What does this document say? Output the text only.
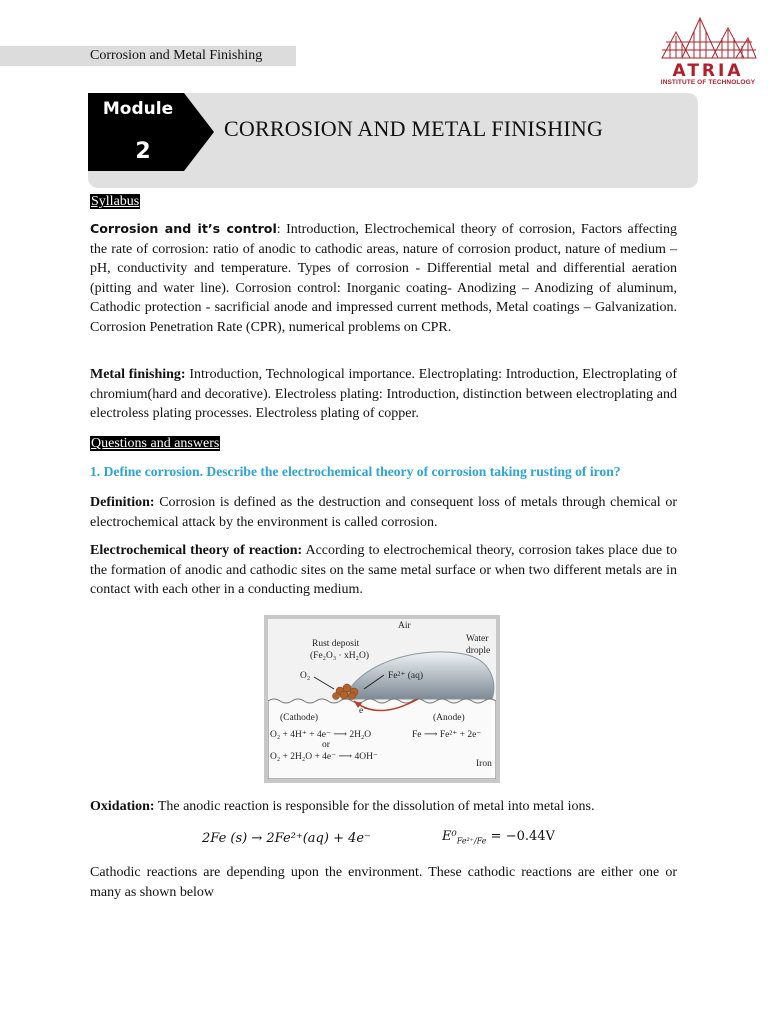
Corrosion and Metal Finishing
ATRIA
INSTITUTE OF TECHNOLOGY
Module
2
CORROSION AND METAL FINISHING
Syllabus

Corrosion and it’s control: Introduction, Electrochemical theory of corrosion, Factors affecting the rate of corrosion: ratio of anodic to cathodic areas, nature of corrosion product, nature of medium – pH, conductivity and temperature. Types of corrosion - Differential metal and differential aeration (pitting and water line). Corrosion control: Inorganic coating- Anodizing – Anodizing of aluminum, Cathodic protection - sacrificial anode and impressed current methods, Metal coatings – Galvanization. Corrosion Penetration Rate (CPR), numerical problems on CPR.

Metal finishing: Introduction, Technological importance. Electroplating: Introduction, Electroplating of chromium(hard and decorative). Electroless plating: Introduction, distinction between electroplating and electroless plating processes. Electroless plating of copper.

Questions and answers
1. Define corrosion. Describe the electrochemical theory of corrosion taking rusting of iron?

Definition: Corrosion is defined as the destruction and consequent loss of metals through chemical or electrochemical attack by the environment is called corrosion.

Electrochemical theory of reaction: According to electrochemical theory, corrosion takes place due to the formation of anodic and cathodic sites on the same metal surface or when two different metals are in contact with each other in a conducting medium.

Air
Rust deposit
(Fe₂O₃ · xH₂O)
Water
drople
O₂	Fe²⁺ (aq)
e⁻
(Cathode)	(Anode)
O₂ + 4H⁺ + 4e⁻ ⟶ 2H₂O
or
O₂ + 2H₂O + 4e⁻ ⟶ 4OH⁻
Fe ⟶ Fe²⁺ + 2e⁻
Iron

Oxidation: The anodic reaction is responsible for the dissolution of metal into metal ions.

2Fe (s) → 2Fe²⁺(aq) + 4e⁻	$E^0_{Fe^{2+}/Fe} = -0.44V$

Cathodic reactions are depending upon the environment. These cathodic reactions are either one or many as shown below
